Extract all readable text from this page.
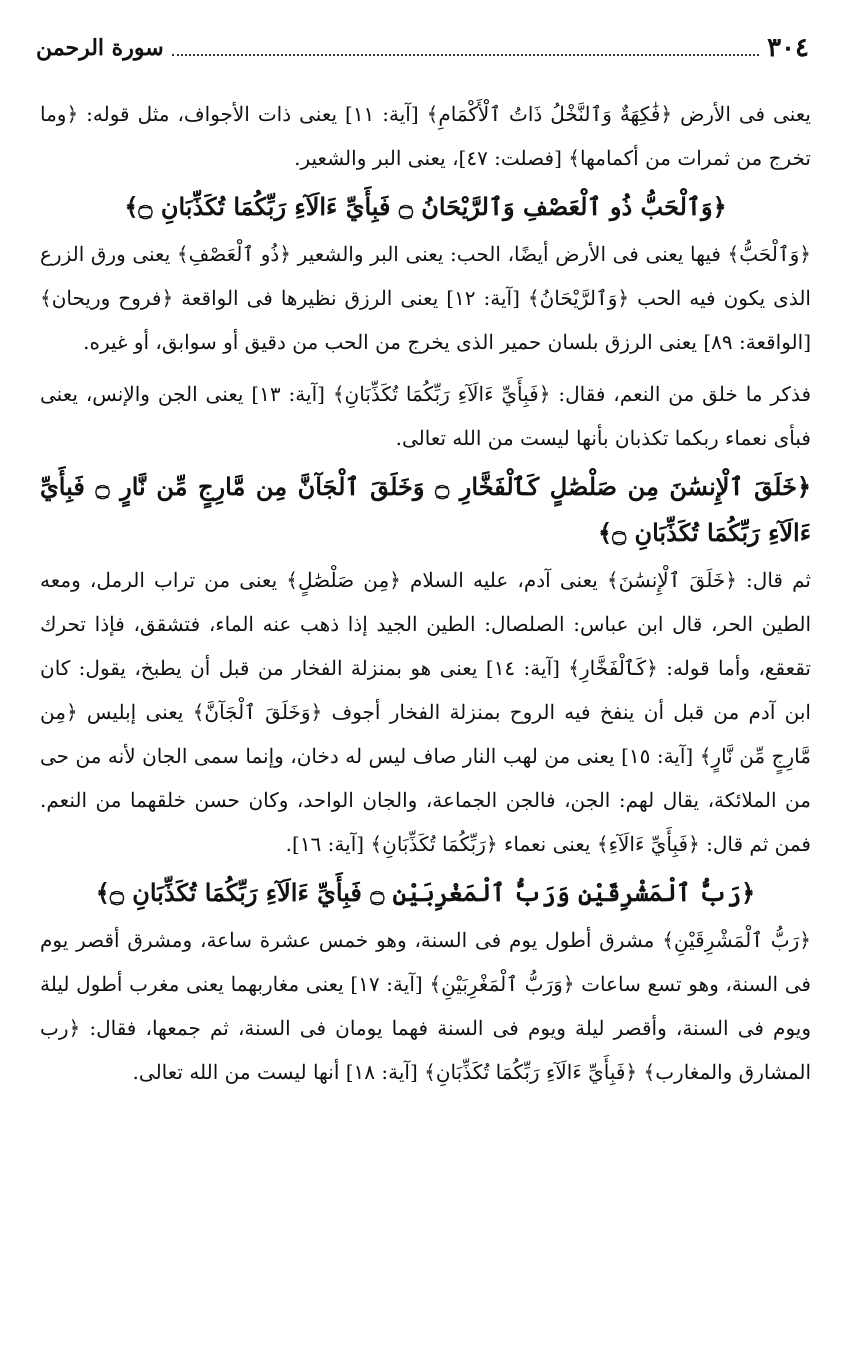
٣٠٤
سورة الرحمن

يعنى فى الأرض ﴿فَٰكِهَةٌ وَٱلنَّخْلُ ذَاتُ ٱلْأَكْمَامِ﴾ [آية: ١١] يعنى ذات الأجواف، مثل قوله: ﴿وما تخرج من ثمرات من أكمامها﴾ [فصلت: ٤٧]، يعنى البر والشعير.

﴿وَٱلْحَبُّ ذُو ٱلْعَصْفِ وَٱلرَّيْحَانُ ۝ فَبِأَيِّ ءَالَآءِ رَبِّكُمَا تُكَذِّبَانِ ۝﴾

﴿وَٱلْحَبُّ﴾ فيها يعنى فى الأرض أيضًا، الحب: يعنى البر والشعير ﴿ذُو ٱلْعَصْفِ﴾ يعنى ورق الزرع الذى يكون فيه الحب ﴿وَٱلرَّيْحَانُ﴾ [آية: ١٢] يعنى الرزق نظيرها فى الواقعة ﴿فروح وريحان﴾ [الواقعة: ٨٩] يعنى الرزق بلسان حمير الذى يخرج من الحب من دقيق أو سوابق، أو غيره.

فذكر ما خلق من النعم، فقال: ﴿فَبِأَيِّ ءَالَآءِ رَبِّكُمَا تُكَذِّبَانِ﴾ [آية: ١٣] يعنى الجن والإنس، يعنى فبأى نعماء ربكما تكذبان بأنها ليست من الله تعالى.

﴿خَلَقَ ٱلْإِنسَٰنَ مِن صَلْصَٰلٍ كَٱلْفَخَّارِ ۝ وَخَلَقَ ٱلْجَآنَّ مِن مَّارِجٍ مِّن نَّارٍ ۝ فَبِأَيِّ ءَالَآءِ رَبِّكُمَا تُكَذِّبَانِ ۝﴾

ثم قال: ﴿خَلَقَ ٱلْإِنسَٰنَ﴾ يعنى آدم، عليه السلام ﴿مِن صَلْصَٰلٍ﴾ يعنى من تراب الرمل، ومعه الطين الحر، قال ابن عباس: الصلصال: الطين الجيد إذا ذهب عنه الماء، فتشقق، فإذا تحرك تقعقع، وأما قوله: ﴿كَٱلْفَخَّارِ﴾ [آية: ١٤] يعنى هو بمنزلة الفخار من قبل أن يطبخ، يقول: كان ابن آدم من قبل أن ينفخ فيه الروح بمنزلة الفخار أجوف ﴿وَخَلَقَ ٱلْجَآنَّ﴾ يعنى إبليس ﴿مِن مَّارِجٍ مِّن نَّارٍ﴾ [آية: ١٥] يعنى من لهب النار صاف ليس له دخان، وإنما سمى الجان لأنه من حى من الملائكة، يقال لهم: الجن، فالجن الجماعة، والجان الواحد، وكان حسن خلقهما من النعم. فمن ثم قال: ﴿فَبِأَيِّ ءَالَآءِ﴾ يعنى نعماء ﴿رَبِّكُمَا تُكَذِّبَانِ﴾ [آية: ١٦].

﴿رَبُّ ٱلْمَشْرِقَيْنِ وَرَبُّ ٱلْمَغْرِبَيْنِ ۝ فَبِأَيِّ ءَالَآءِ رَبِّكُمَا تُكَذِّبَانِ ۝﴾

﴿رَبُّ ٱلْمَشْرِقَيْنِ﴾ مشرق أطول يوم فى السنة، وهو خمس عشرة ساعة، ومشرق أقصر يوم فى السنة، وهو تسع ساعات ﴿وَرَبُّ ٱلْمَغْرِبَيْنِ﴾ [آية: ١٧] يعنى مغاربهما يعنى مغرب أطول ليلة ويوم فى السنة، وأقصر ليلة ويوم فى السنة فهما يومان فى السنة، ثم جمعها، فقال: ﴿رب المشارق والمغارب﴾ ﴿فَبِأَيِّ ءَالَآءِ رَبِّكُمَا تُكَذِّبَانِ﴾ [آية: ١٨] أنها ليست من الله تعالى.
